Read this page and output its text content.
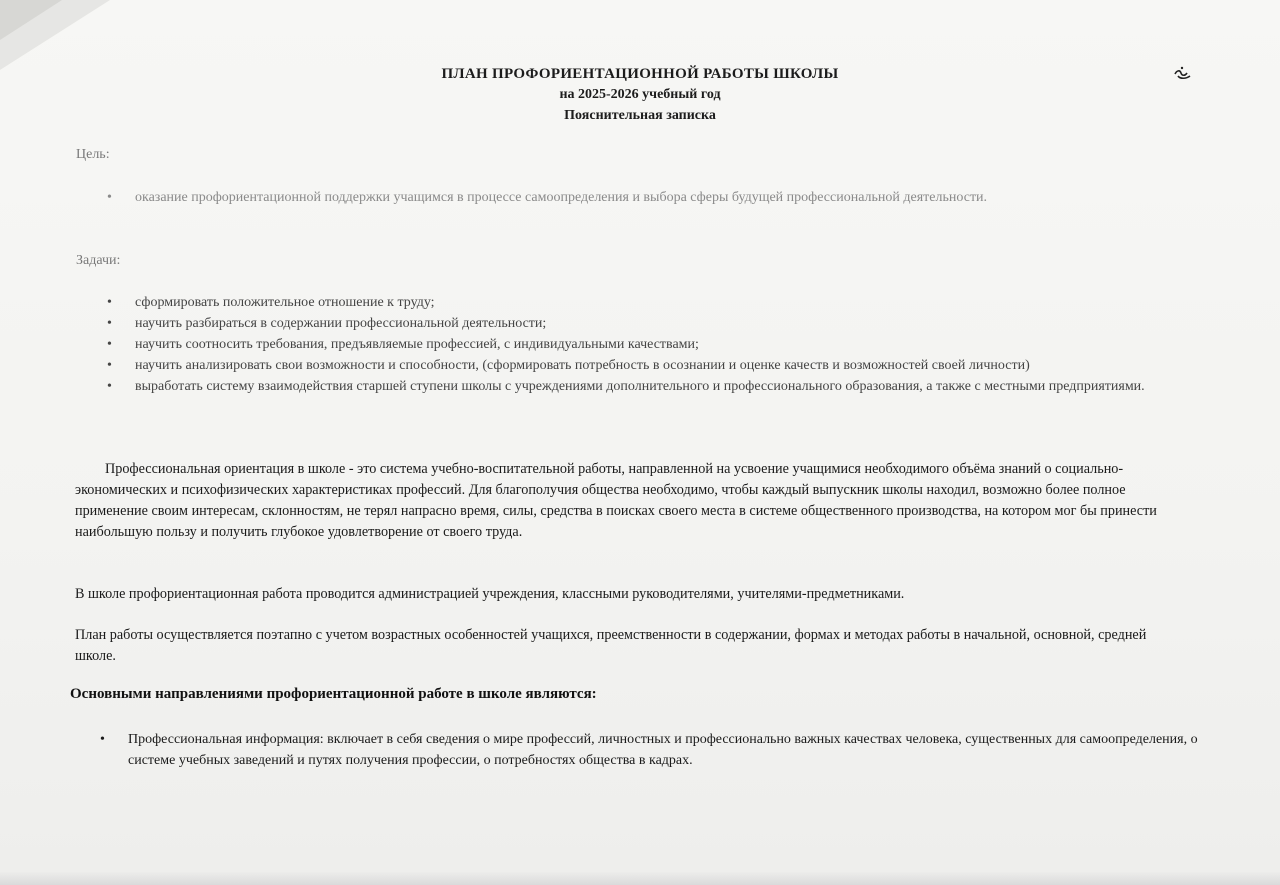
ПЛАН ПРОФОРИЕНТАЦИОННОЙ РАБОТЫ ШКОЛЫ
на 2025-2026 учебный год
Пояснительная записка
Цель:
• оказание профориентационной поддержки учащимся в процессе самоопределения и выбора сферы будущей профессиональной деятельности.
Задачи:
• сформировать положительное отношение к труду;
• научить разбираться в содержании профессиональной деятельности;
• научить соотносить требования, предъявляемые профессией, с индивидуальными качествами;
• научить анализировать свои возможности и способности, (сформировать потребность в осознании и оценке качеств и возможностей своей личности)
• выработать систему взаимодействия старшей ступени школы с учреждениями дополнительного и профессионального образования, а также с местными предприятиями.

Профессиональная ориентация в школе - это система учебно-воспитательной работы, направленной на усвоение учащимися необходимого объёма знаний о социально-экономических и психофизических характеристиках профессий. Для благополучия общества необходимо, чтобы каждый выпускник школы находил, возможно более полное применение своим интересам, склонностям, не терял напрасно время, силы, средства в поисках своего места в системе общественного производства, на котором мог бы принести наибольшую пользу и получить глубокое удовлетворение от своего труда.

В школе профориентационная работа проводится администрацией учреждения, классными руководителями, учителями-предметниками.

План работы осуществляется поэтапно с учетом возрастных особенностей учащихся, преемственности в содержании, формах и методах работы в начальной, основной, средней школе.

Основными направлениями профориентационной работе в школе являются:

• Профессиональная информация: включает в себя сведения о мире профессий, личностных и профессионально важных качествах человека, существенных для самоопределения, о системе учебных заведений и путях получения профессии, о потребностях общества в кадрах.
